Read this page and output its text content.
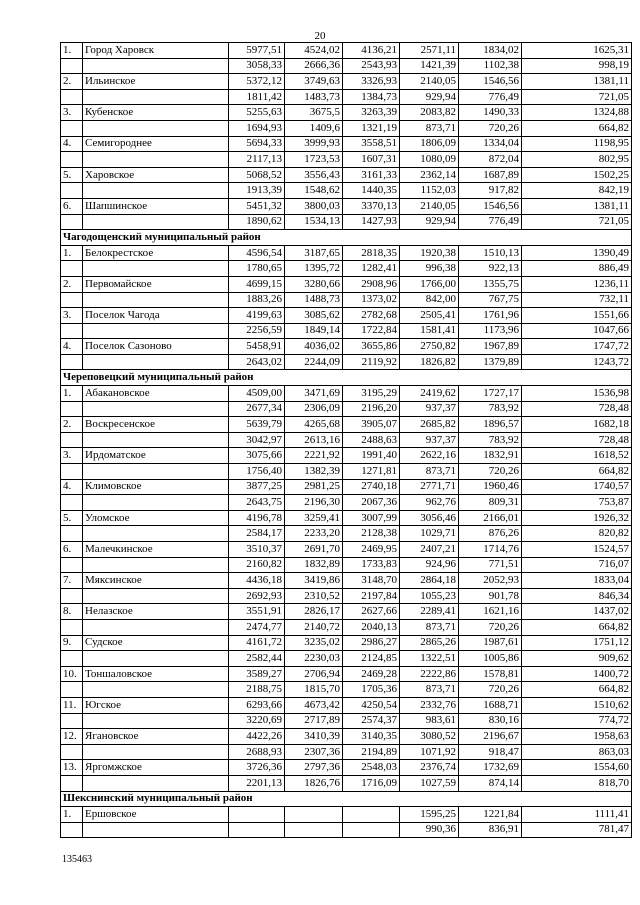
20
1.	Город Харовск	5977,51	4524,02	4136,21	2571,11	1834,02	1625,31
		3058,33	2666,36	2543,93	1421,39	1102,38	998,19
2.	Ильинское	5372,12	3749,63	3326,93	2140,05	1546,56	1381,11
		1811,42	1483,73	1384,73	929,94	776,49	721,05
3.	Кубенское	5255,63	3675,5	3263,39	2083,82	1490,33	1324,88
		1694,93	1409,6	1321,19	873,71	720,26	664,82
4.	Семигороднее	5694,33	3999,93	3558,51	1806,09	1334,04	1198,95
		2117,13	1723,53	1607,31	1080,09	872,04	802,95
5.	Харовское	5068,52	3556,43	3161,33	2362,14	1687,89	1502,25
		1913,39	1548,62	1440,35	1152,03	917,82	842,19
6.	Шапшинское	5451,32	3800,03	3370,13	2140,05	1546,56	1381,11
		1890,62	1534,13	1427,93	929,94	776,49	721,05
Чагодощенский муниципальный район							
1.	Белокрестское	4596,54	3187,65	2818,35	1920,38	1510,13	1390,49
		1780,65	1395,72	1282,41	996,38	922,13	886,49
2.	Первомайское	4699,15	3280,66	2908,96	1766,00	1355,75	1236,11
		1883,26	1488,73	1373,02	842,00	767,75	732,11
3.	Поселок Чагода	4199,63	3085,62	2782,68	2505,41	1761,96	1551,66
		2256,59	1849,14	1722,84	1581,41	1173,96	1047,66
4.	Поселок Сазоново	5458,91	4036,02	3655,86	2750,82	1967,89	1747,72
		2643,02	2244,09	2119,92	1826,82	1379,89	1243,72
Череповецкий муниципальный район							
1.	Абакановское	4509,00	3471,69	3195,29	2419,62	1727,17	1536,98
		2677,34	2306,09	2196,20	937,37	783,92	728,48
2.	Воскресенское	5639,79	4265,68	3905,07	2685,82	1896,57	1682,18
		3042,97	2613,16	2488,63	937,37	783,92	728,48
3.	Ирдоматское	3075,66	2221,92	1991,40	2622,16	1832,91	1618,52
		1756,40	1382,39	1271,81	873,71	720,26	664,82
4.	Климовское	3877,25	2981,25	2740,18	2771,71	1960,46	1740,57
		2643,75	2196,30	2067,36	962,76	809,31	753,87
5.	Уломское	4196,78	3259,41	3007,99	3056,46	2166,01	1926,32
		2584,17	2233,20	2128,38	1029,71	876,26	820,82
6.	Малечкинское	3510,37	2691,70	2469,95	2407,21	1714,76	1524,57
		2160,82	1832,89	1733,83	924,96	771,51	716,07
7.	Мяксинское	4436,18	3419,86	3148,70	2864,18	2052,93	1833,04
		2692,93	2310,52	2197,84	1055,23	901,78	846,34
8.	Нелазское	3551,91	2826,17	2627,66	2289,41	1621,16	1437,02
		2474,77	2140,72	2040,13	873,71	720,26	664,82
9.	Судское	4161,72	3235,02	2986,27	2865,26	1987,61	1751,12
		2582,44	2230,03	2124,85	1322,51	1005,86	909,62
10.	Тоншаловское	3589,27	2706,94	2469,28	2222,86	1578,81	1400,72
		2188,75	1815,70	1705,36	873,71	720,26	664,82
11.	Югское	6293,66	4673,42	4250,54	2332,76	1688,71	1510,62
		3220,69	2717,89	2574,37	983,61	830,16	774,72
12.	Ягановское	4422,26	3410,39	3140,35	3080,52	2196,67	1958,63
		2688,93	2307,36	2194,89	1071,92	918,47	863,03
13.	Яргомжское	3726,36	2797,36	2548,03	2376,74	1732,69	1554,60
		2201,13	1826,76	1716,09	1027,59	874,14	818,70
Шекснинский муниципальный район							
1.	Ершовское				1595,25	1221,84	1111,41
					990,36	836,91	781,47
135463
